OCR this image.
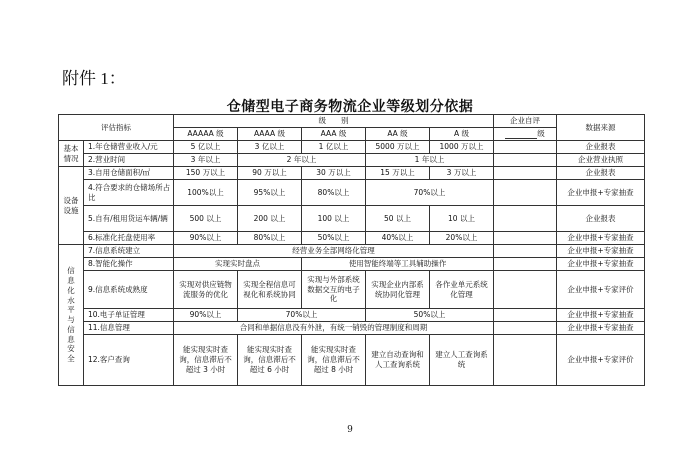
附件 1：
仓储型电子商务物流企业等级划分依据
评估指标		级　　别					企业自评	数据来源
		AAAAA 级	AAAA 级	AAA 级	AA 级	A 级	级	
基本情况	1.年仓储营业收入/元	5 亿以上	3 亿以上	1 亿以上	5000 万以上	1000 万以上		企业报表
	2.营业时间	3 年以上	2 年以上		1 年以上			企业营业执照
设备设施	3.自用仓储面积/㎡	150 万以上	90 万以上	30 万以上	15 万以上	3 万以上		企业报表
	4.符合要求的仓储场所占比	100%以上	95%以上	80%以上	70%以上			企业申报+专家抽查
	5.自有/租用货运车辆/辆	500 以上	200 以上	100 以上	50 以上	10 以上		企业报表
	6.标准化托盘使用率	90%以上	80%以上	50%以上	40%以上	20%以上		企业申报+专家抽查
信息化水平与信息安全	7.信息系统建立	经营业务全部网络化管理						企业申报+专家抽查
	8.智能化操作	实现实时盘点		使用智能终端等工具辅助操作				企业申报+专家抽查
	9.信息系统成熟度	实现对供应链物流服务的优化	实现全程信息可视化和系统协同	实现与外部系统数据交互的电子化	实现企业内部系统协同化管理	各作业单元系统化管理		企业申报+专家评价
	10.电子单证管理	90%以上	70%以上		50%以上			企业申报+专家抽查
	11.信息管理	合同和单据信息没有外泄，有统一销毁的管理制度和周期						企业申报+专家抽查
	12.客户查询	能实现实时查询，信息滞后不超过 3 小时	能实现实时查询，信息滞后不超过 6 小时	能实现实时查询，信息滞后不超过 8 小时	建立自动查询和人工查询系统	建立人工查询系统		企业申报+专家评价
9
